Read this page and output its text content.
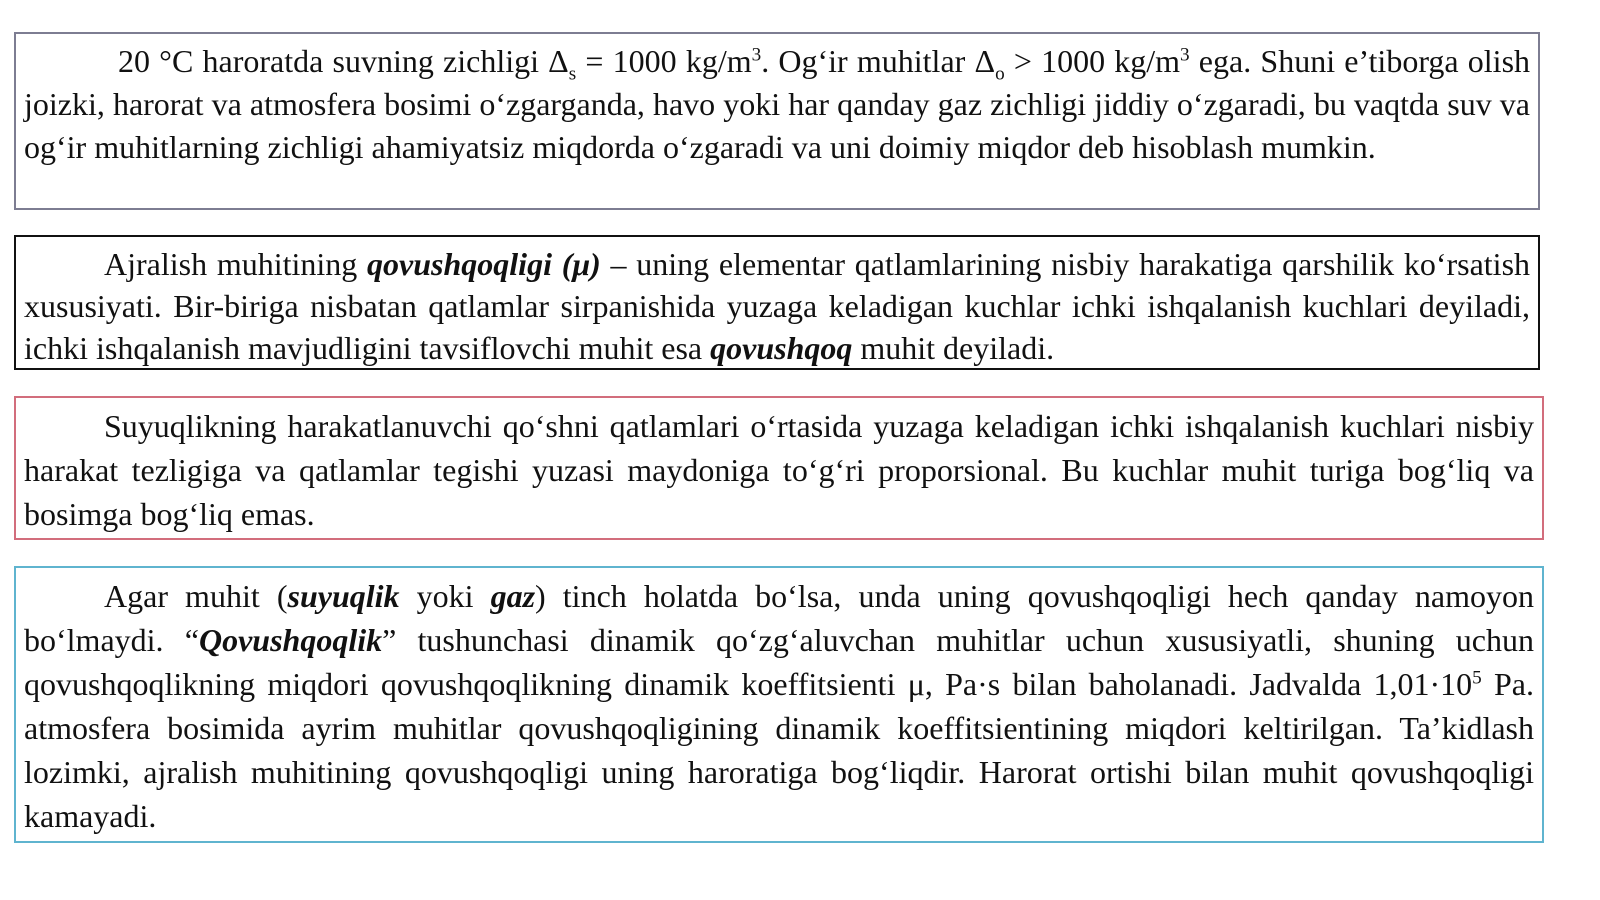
20 °C haroratda suvning zichligi $\Delta_s = 1000$ $kg/m^3$. Og‘ir muhitlar $\Delta_o > 1000$ $kg/m^3$ ega. Shuni e’tiborga olish joizki, harorat va atmosfera bosimi o‘zgarganda, havo yoki har qanday gaz zichligi jiddiy o‘zgaradi, bu vaqtda suv va og‘ir muhitlarning zichligi ahamiyatsiz miqdorda o‘zgaradi va uni doimiy miqdor deb hisoblash mumkin.

Ajralish muhitining qovushqoqligi (μ) – uning elementar qatlamlarining nisbiy harakatiga qarshilik ko‘rsatish xususiyati. Bir-biriga nisbatan qatlamlar sirpanishida yuzaga keladigan kuchlar ichki ishqalanish kuchlari deyiladi, ichki ishqalanish mavjudligini tavsiflovchi muhit esa qovushqoq muhit deyiladi.

Suyuqlikning harakatlanuvchi qo‘shni qatlamlari o‘rtasida yuzaga keladigan ichki ishqalanish kuchlari nisbiy harakat tezligiga va qatlamlar tegishi yuzasi maydoniga to‘g‘ri proporsional. Bu kuchlar muhit turiga bog‘liq va bosimga bog‘liq emas.

Agar muhit (suyuqlik yoki gaz) tinch holatda bo‘lsa, unda uning qovushqoqligi hech qanday namoyon bo‘lmaydi. “Qovushqoqlik” tushunchasi dinamik qo‘zg‘aluvchan muhitlar uchun xususiyatli, shuning uchun qovushqoqlikning miqdori qovushqoqlikning dinamik koeffitsienti μ, Pa·s bilan baholanadi. Jadvalda $1,01\cdot 10^5$ Pa. atmosfera bosimida ayrim muhitlar qovushqoqligining dinamik koeffitsientining miqdori keltirilgan. Ta’kidlash lozimki, ajralish muhitining qovushqoqligi uning haroratiga bog‘liqdir. Harorat ortishi bilan muhit qovushqoqligi kamayadi.
